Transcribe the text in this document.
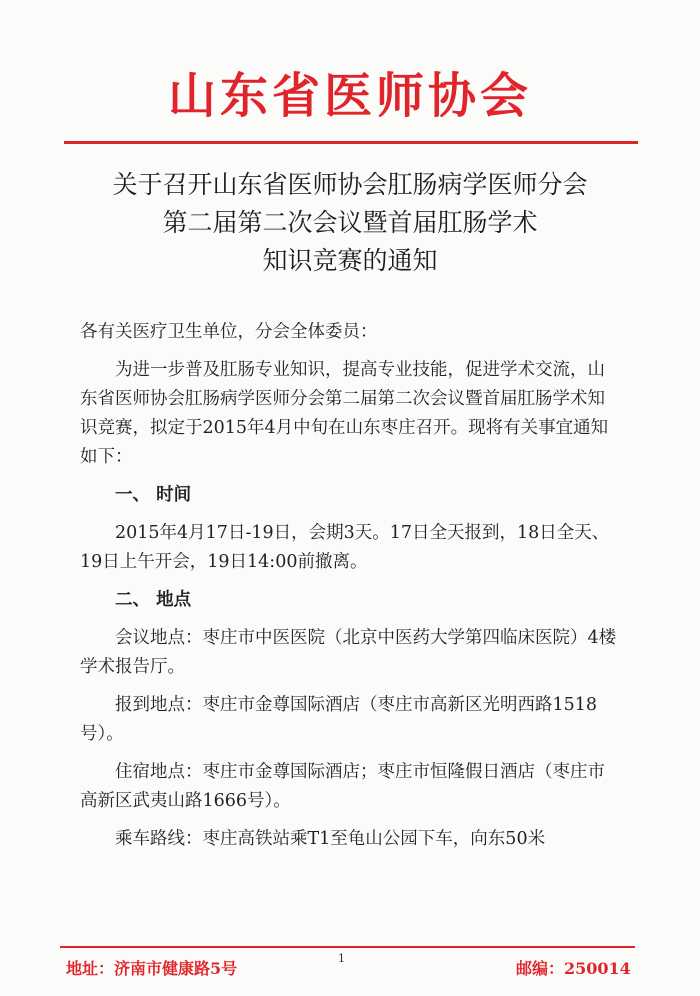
山东省医师协会
关于召开山东省医师协会肛肠病学医师分会
第二届第二次会议暨首届肛肠学术
知识竞赛的通知

各有关医疗卫生单位，分会全体委员：

为进一步普及肛肠专业知识，提高专业技能，促进学术交流，山东省医师协会肛肠病学医师分会第二届第二次会议暨首届肛肠学术知识竞赛，拟定于2015年4月中旬在山东枣庄召开。现将有关事宜通知如下：

一、 时间

2015年4月17日-19日，会期3天。17日全天报到，18日全天、19日上午开会，19日14:00前撤离。

二、 地点

会议地点：枣庄市中医医院（北京中医药大学第四临床医院）4楼学术报告厅。

报到地点：枣庄市金尊国际酒店（枣庄市高新区光明西路1518号）。

住宿地点：枣庄市金尊国际酒店；枣庄市恒隆假日酒店（枣庄市高新区武夷山路1666号）。

乘车路线：枣庄高铁站乘T1至龟山公园下车，向东50米

地址：济南市健康路5号
1
邮编：250014
